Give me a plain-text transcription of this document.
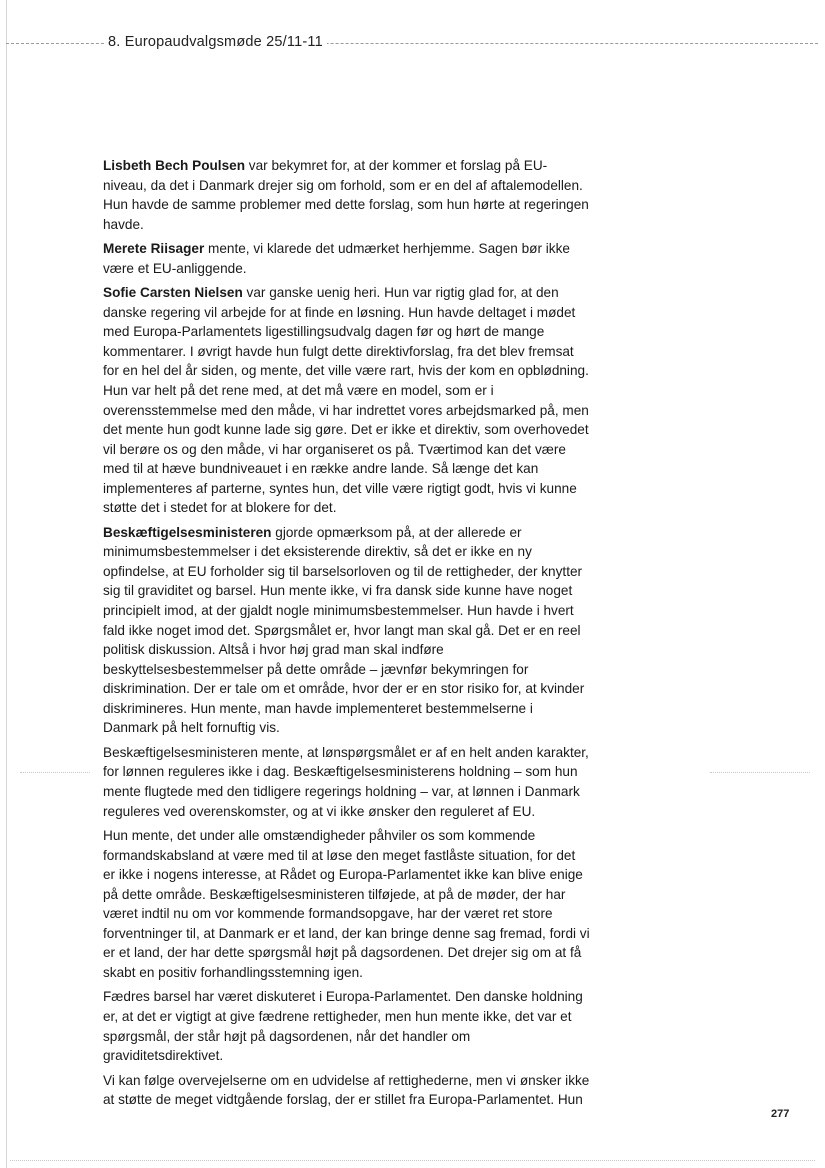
8. Europaudvalgsmøde 25/11-11

Lisbeth Bech Poulsen var bekymret for, at der kommer et forslag på EU-niveau, da det i Danmark drejer sig om forhold, som er en del af aftalemodellen. Hun havde de samme problemer med dette forslag, som hun hørte at regeringen havde.

Merete Riisager mente, vi klarede det udmærket herhjemme. Sagen bør ikke være et EU-anliggende.

Sofie Carsten Nielsen var ganske uenig heri. Hun var rigtig glad for, at den danske regering vil arbejde for at finde en løsning. Hun havde deltaget i mødet med Europa-Parlamentets ligestillingsudvalg dagen før og hørt de mange kommentarer. I øvrigt havde hun fulgt dette direktivforslag, fra det blev fremsat for en hel del år siden, og mente, det ville være rart, hvis der kom en opblødning. Hun var helt på det rene med, at det må være en model, som er i overensstemmelse med den måde, vi har indrettet vores arbejdsmarked på, men det mente hun godt kunne lade sig gøre. Det er ikke et direktiv, som overhovedet vil berøre os og den måde, vi har organiseret os på. Tværtimod kan det være med til at hæve bundniveauet i en række andre lande. Så længe det kan implementeres af parterne, syntes hun, det ville være rigtigt godt, hvis vi kunne støtte det i stedet for at blokere for det.

Beskæftigelsesministeren gjorde opmærksom på, at der allerede er minimumsbestemmelser i det eksisterende direktiv, så det er ikke en ny opfindelse, at EU forholder sig til barselsorloven og til de rettigheder, der knytter sig til graviditet og barsel. Hun mente ikke, vi fra dansk side kunne have noget principielt imod, at der gjaldt nogle minimumsbestemmelser. Hun havde i hvert fald ikke noget imod det. Spørgsmålet er, hvor langt man skal gå. Det er en reel politisk diskussion. Altså i hvor høj grad man skal indføre beskyttelsesbestemmelser på dette område – jævnfør bekymringen for diskrimination. Der er tale om et område, hvor der er en stor risiko for, at kvinder diskrimineres. Hun mente, man havde implementeret bestemmelserne i Danmark på helt fornuftig vis.

Beskæftigelsesministeren mente, at lønspørgsmålet er af en helt anden karakter, for lønnen reguleres ikke i dag. Beskæftigelsesministerens holdning – som hun mente flugtede med den tidligere regerings holdning – var, at lønnen i Danmark reguleres ved overenskomster, og at vi ikke ønsker den reguleret af EU.

Hun mente, det under alle omstændigheder påhviler os som kommende formandskabsland at være med til at løse den meget fastlåste situation, for det er ikke i nogens interesse, at Rådet og Europa-Parlamentet ikke kan blive enige på dette område. Beskæftigelsesministeren tilføjede, at på de møder, der har været indtil nu om vor kommende formandsopgave, har der været ret store forventninger til, at Danmark er et land, der kan bringe denne sag fremad, fordi vi er et land, der har dette spørgsmål højt på dagsordenen. Det drejer sig om at få skabt en positiv forhandlingsstemning igen.

Fædres barsel har været diskuteret i Europa-Parlamentet. Den danske holdning er, at det er vigtigt at give fædrene rettigheder, men hun mente ikke, det var et spørgsmål, der står højt på dagsordenen, når det handler om graviditetsdirektivet.

Vi kan følge overvejelserne om en udvidelse af rettighederne, men vi ønsker ikke at støtte de meget vidtgående forslag, der er stillet fra Europa-Parlamentet. Hun

277
